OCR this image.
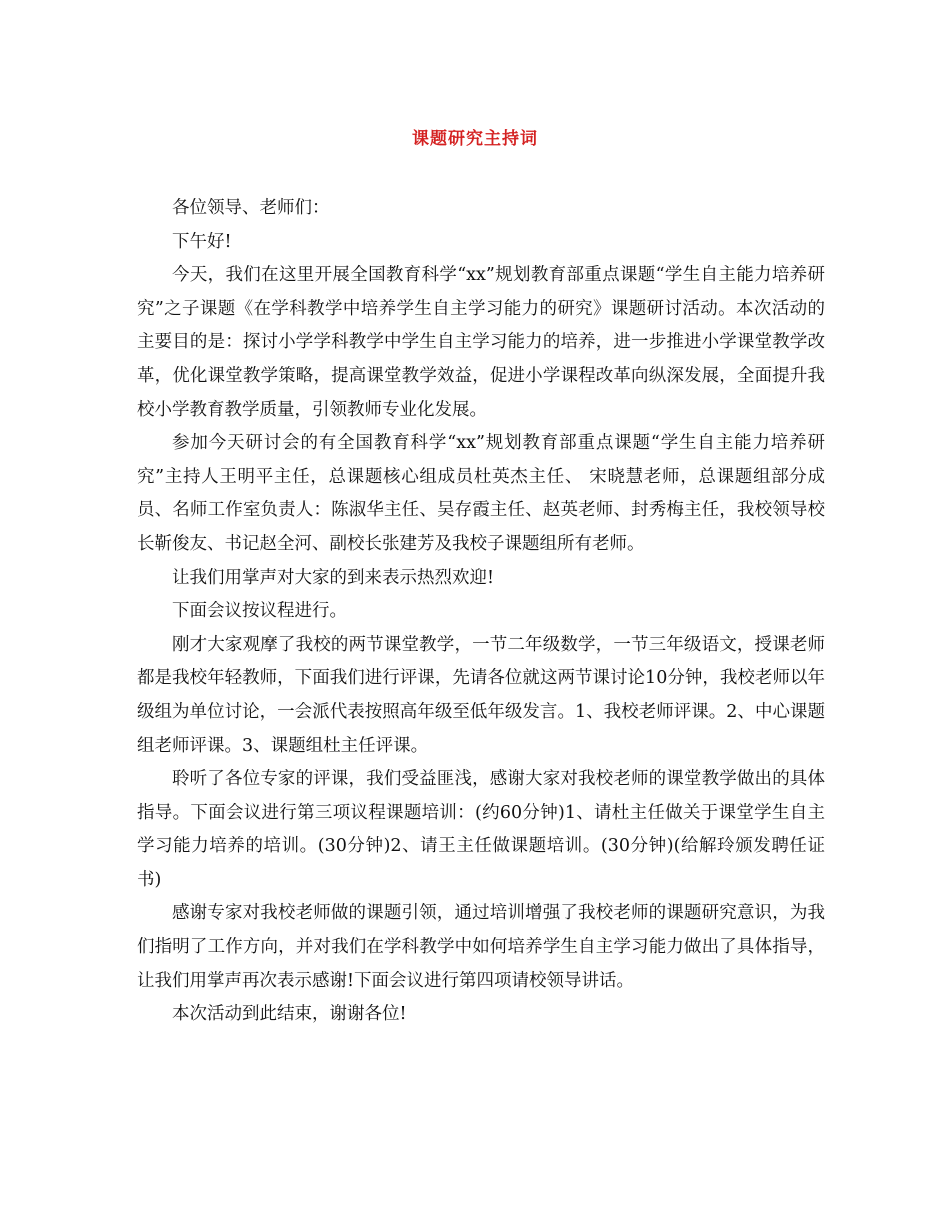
课题研究主持词

各位领导、老师们：

下午好!

今天，我们在这里开展全国教育科学“xx”规划教育部重点课题“学生自主能力培养研究”之子课题《在学科教学中培养学生自主学习能力的研究》课题研讨活动。本次活动的主要目的是：探讨小学学科教学中学生自主学习能力的培养，进一步推进小学课堂教学改革，优化课堂教学策略，提高课堂教学效益，促进小学课程改革向纵深发展，全面提升我校小学教育教学质量，引领教师专业化发展。

参加今天研讨会的有全国教育科学“xx”规划教育部重点课题“学生自主能力培养研究”主持人王明平主任，总课题核心组成员杜英杰主任、 宋晓慧老师，总课题组部分成员、名师工作室负责人：陈淑华主任、吴存霞主任、赵英老师、封秀梅主任，我校领导校长靳俊友、书记赵全河、副校长张建芳及我校子课题组所有老师。

让我们用掌声对大家的到来表示热烈欢迎!

下面会议按议程进行。

刚才大家观摩了我校的两节课堂教学，一节二年级数学，一节三年级语文，授课老师都是我校年轻教师，下面我们进行评课，先请各位就这两节课讨论10分钟，我校老师以年级组为单位讨论，一会派代表按照高年级至低年级发言。1、我校老师评课。2、中心课题组老师评课。3、课题组杜主任评课。

聆听了各位专家的评课，我们受益匪浅，感谢大家对我校老师的课堂教学做出的具体指导。下面会议进行第三项议程课题培训：(约60分钟)1、请杜主任做关于课堂学生自主学习能力培养的培训。(30分钟)2、请王主任做课题培训。(30分钟)(给解玲颁发聘任证书)

感谢专家对我校老师做的课题引领，通过培训增强了我校老师的课题研究意识，为我们指明了工作方向，并对我们在学科教学中如何培养学生自主学习能力做出了具体指导，让我们用掌声再次表示感谢!下面会议进行第四项请校领导讲话。

本次活动到此结束，谢谢各位!
